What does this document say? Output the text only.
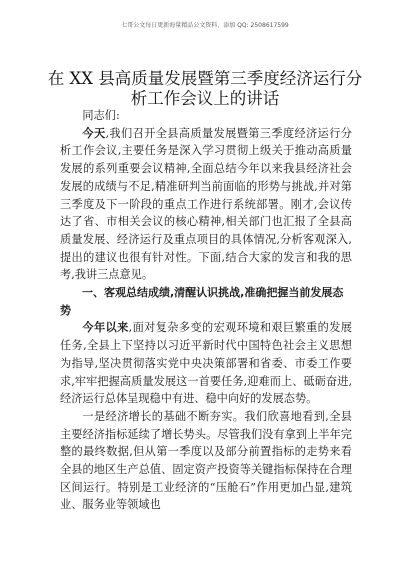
七哥公文每日更新海量精品公文资料，添加 QQ: 2508617599
在 XX 县高质量发展暨第三季度经济运行分析工作会议上的讲话

同志们:

今天,我们召开全县高质量发展暨第三季度经济运行分析工作会议,主要任务是深入学习贯彻上级关于推动高质量发展的系列重要会议精神,全面总结今年以来我县经济社会发展的成绩与不足,精准研判当前面临的形势与挑战,并对第三季度及下一阶段的重点工作进行系统部署。刚才,会议传达了省、市相关会议的核心精神,相关部门也汇报了全县高质量发展、经济运行及重点项目的具体情况,分析客观深入,提出的建议也很有针对性。下面,结合大家的发言和我的思考,我讲三点意见。

一、客观总结成绩,清醒认识挑战,准确把握当前发展态势

今年以来,面对复杂多变的宏观环境和艰巨繁重的发展任务,全县上下坚持以习近平新时代中国特色社会主义思想为指导,坚决贯彻落实党中央决策部署和省委、市委工作要求,牢牢把握高质量发展这一首要任务,迎难而上、砥砺奋进,经济运行总体呈现稳中有进、稳中向好的发展态势。

一是经济增长的基础不断夯实。我们欣喜地看到,全县主要经济指标延续了增长势头。尽管我们没有拿到上半年完整的最终数据,但从第一季度以及部分前置指标的走势来看全县的地区生产总值、固定资产投资等关键指标保持在合理区间运行。特别是工业经济的“压舱石”作用更加凸显,建筑业、服务业等领域也
